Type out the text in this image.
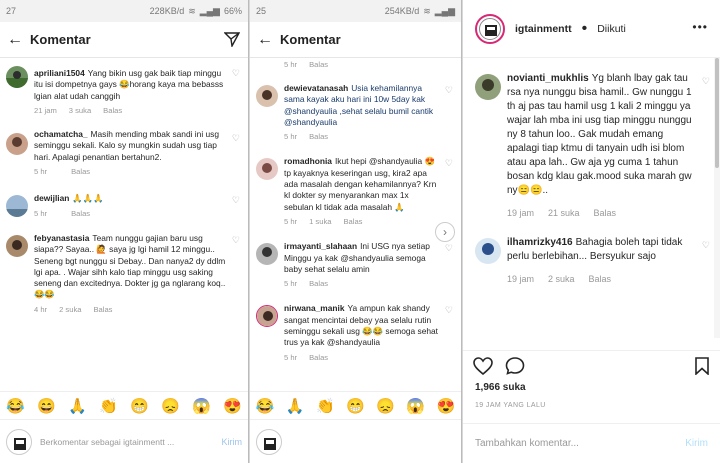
27	228KB/d ≋ ▂▄▆ 66%
← Komentar
apriliani1504 Yang bikin usg gak baik tiap minggu itu isi dompetnya gays 😂horang kaya ma bebasss lgian alat udah canggih
21 jam 3 suka Balas
♡
ochamatcha_ Masih mending mbak sandi ini usg seminggu sekali. Kalo sy mungkin sudah usg tiap hari. Apalagi penantian bertahun2.
5 hr	Balas
♡
dewijlian 🙏🙏🙏
5 hr	Balas
♡
febyanastasia Team nunggu gajian baru usg siapa?? Sayaa.. 🙋 saya jg lgi hamil 12 minggu.. Seneng bgt nunggu si Debay.. Dan nanya2 dy ddlm lgi apa. . Wajar sihh kalo tiap minggu usg saking seneng dan excitednya. Dokter jg ga nglarang koq.. 😂😂
4 hr 2 suka Balas
♡
😂 😄 🙏 👏 😁 😞 😱 😍
Berkomentar sebagai igtainmentt ...	Kirim
25	254KB/d ≋ ▂▄▆
← Komentar
5 hr Balas
dewievatanasah Usia kehamilannya sama kayak aku hari ini 10w 5day kak @shandyaulia ,sehat selalu bumil cantik @shandyaulia
5 hr Balas
♡
romadhonia Ikut hepi @shandyaulia 😍 tp kayaknya keseringan usg, kira2 apa ada masalah dengan kehamilannya? Krn kl dokter sy menyarankan max 1x sebulan kl tidak ada masalah 🙏
5 hr 1 suka Balas
♡
irmayanti_slahaan Ini USG nya setiap Minggu ya kak @shandyaulia semoga baby sehat selalu amin
5 hr Balas
♡
nirwana_manik Ya ampun kak shandy sangat mencintai debay yaa selalu rutin seminggu sekali usg 😂😂 semoga sehat trus ya kak @shandyaulia
5 hr Balas
♡
›
😂 🙏 👏 😁 😞 😱 😍
igtainmentt • Diikuti	•••
novianti_mukhlis Yg blanh lbay gak tau rsa nya nunggu bisa hamil.. Gw nunggu 1 th aj pas tau hamil usg 1 kali 2 minggu ya wajar lah mba ini usg tiap minggu nunggu ny 8 tahun loo.. Gak mudah emang apalagi tiap ktmu di tanyain udh isi blom atau apa lah.. Gw aja yg cuma 1 tahun bosan kdg klau gak.mood suka marah gw ny😑😑..
19 jam 21 suka Balas
♡
ilhamrizky416 Bahagia boleh tapi tidak perlu berlebihan... Bersyukur sajo
19 jam 2 suka Balas
♡
1,966 suka
19 JAM YANG LALU
Tambahkan komentar...	Kirim
